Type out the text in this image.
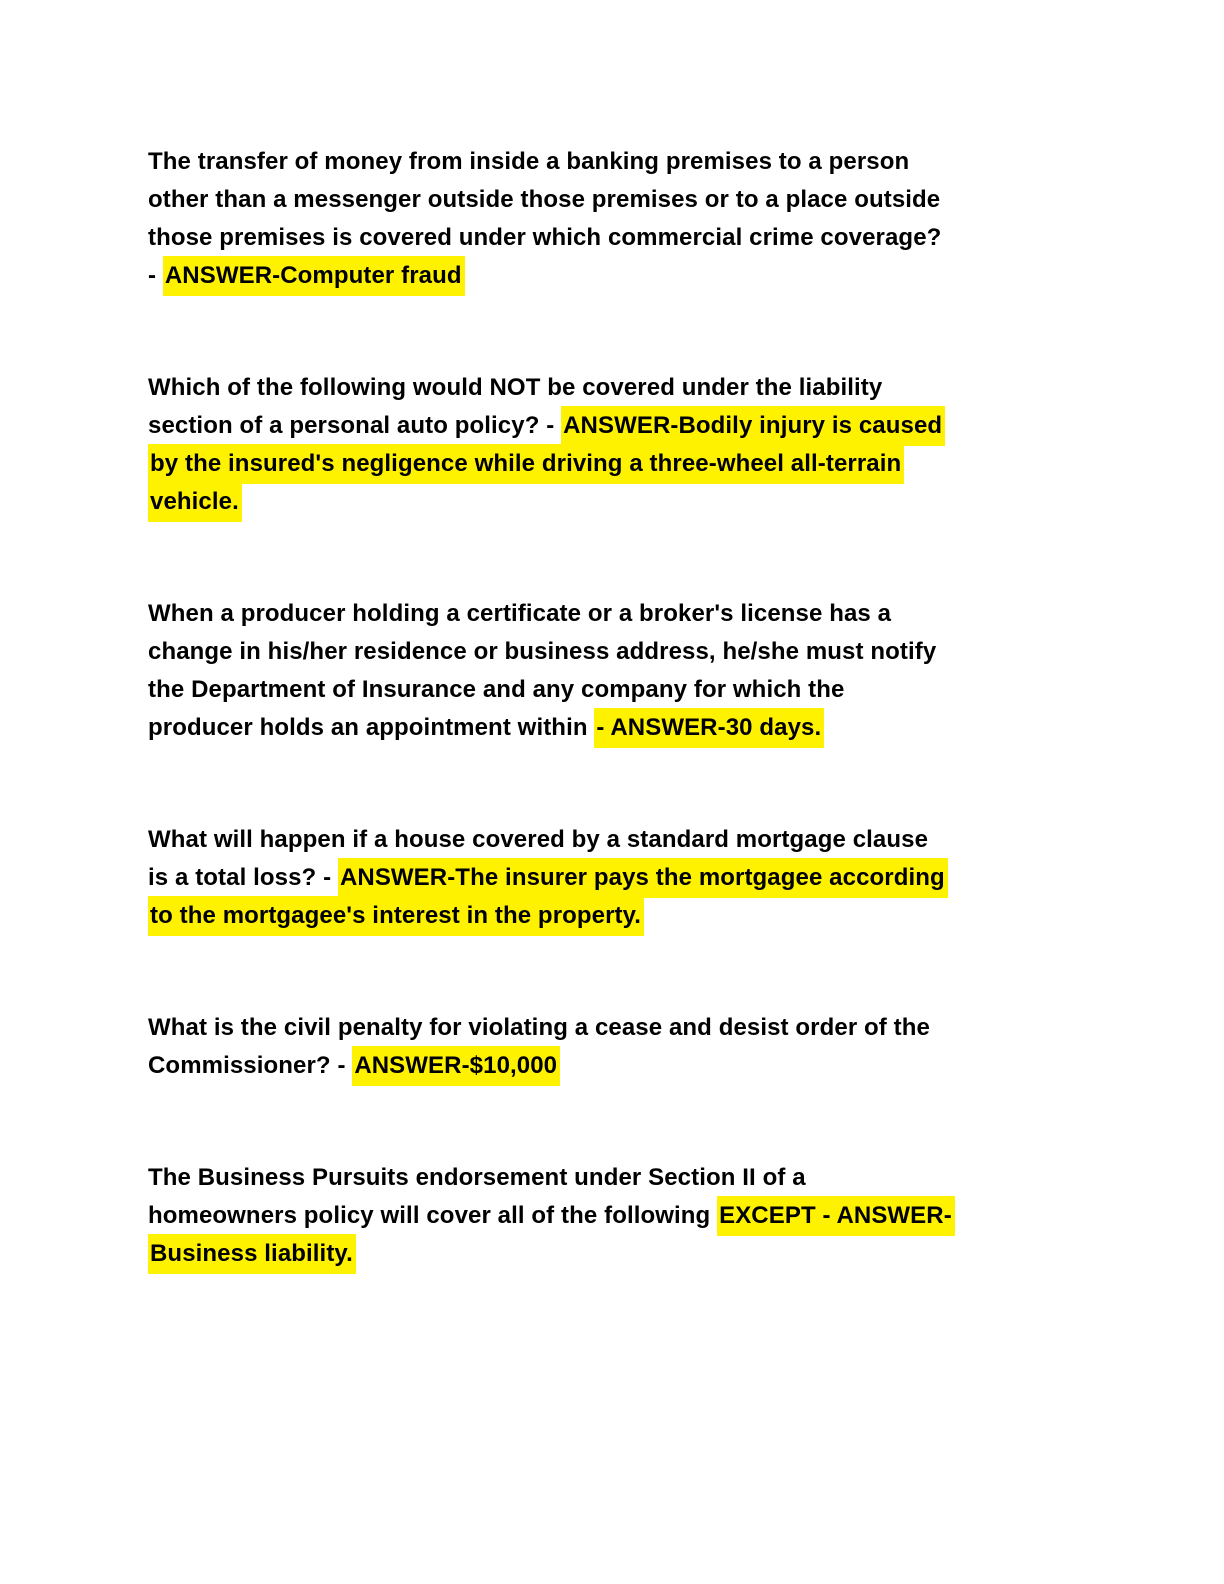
The transfer of money from inside a banking premises to a person
other than a messenger outside those premises or to a place outside
those premises is covered under which commercial crime coverage?
- ANSWER-Computer fraud
Which of the following would NOT be covered under the liability
section of a personal auto policy? - ANSWER-Bodily injury is caused
by the insured's negligence while driving a three-wheel all-terrain
vehicle.
When a producer holding a certificate or a broker's license has a
change in his/her residence or business address, he/she must notify
the Department of Insurance and any company for which the
producer holds an appointment within - ANSWER-30 days.
What will happen if a house covered by a standard mortgage clause
is a total loss? - ANSWER-The insurer pays the mortgagee according
to the mortgagee's interest in the property.
What is the civil penalty for violating a cease and desist order of the
Commissioner? - ANSWER-$10,000
The Business Pursuits endorsement under Section II of a
homeowners policy will cover all of the following EXCEPT - ANSWER-
Business liability.
